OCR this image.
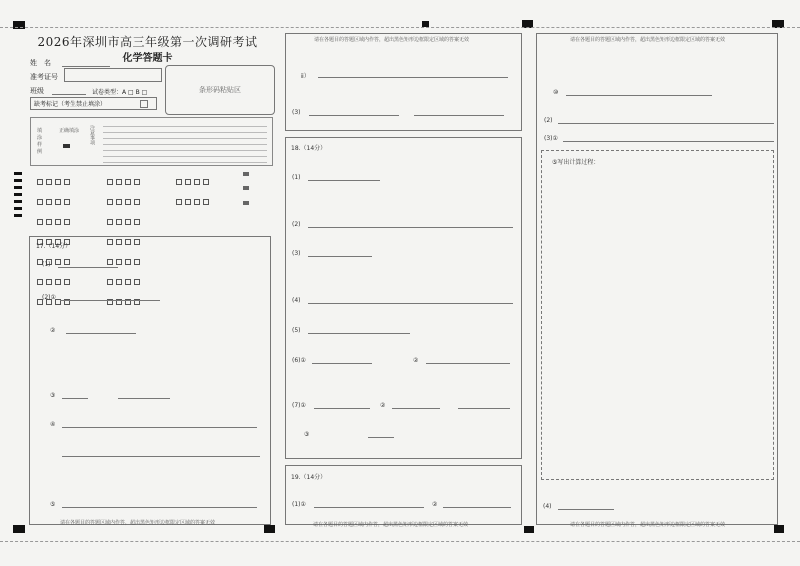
2026年深圳市高三年级第一次调研考试
化学答题卡
姓　名
准考证号
班级	试卷类型：A □ B □
缺考标记（考生禁止填涂）
条形码粘贴区
填
涂
样
例
正确填涂	注意事项
17.（14分）
(1)
(2)①
②
③
④
⑤
请在各题目的答题区域内作答，超出黑色矩形边框限定区域的答案无效
请在各题目的答题区域内作答，超出黑色矩形边框限定区域的答案无效
ⅱ）
(3)
18.（14分）
(1)
(2)
(3)
(4)
(5)
(6)①	②
(7)①	②
③
19.（14分）
(1)①	②
请在各题目的答题区域内作答，超出黑色矩形边框限定区域的答案无效
请在各题目的答题区域内作答，超出黑色矩形边框限定区域的答案无效
⑩
(2)
(3)①
⑤写出计算过程：
(4)
请在各题目的答题区域内作答，超出黑色矩形边框限定区域的答案无效
